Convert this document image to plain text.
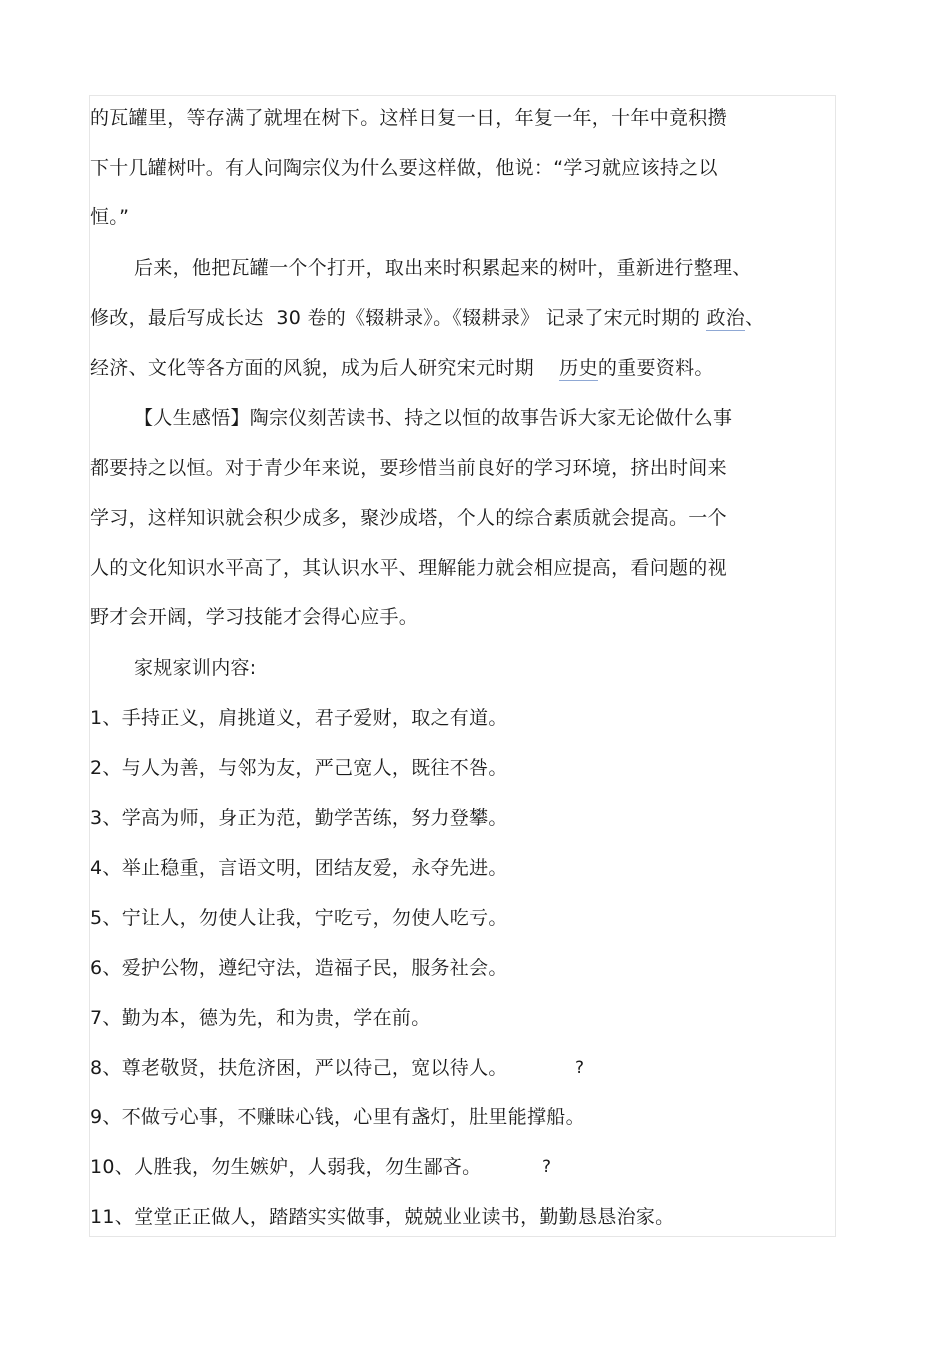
的瓦罐里，等存满了就埋在树下。这样日复一日，年复一年，十年中竟积攒
下十几罐树叶。有人问陶宗仪为什么要这样做，他说：“学习就应该持之以
恒。”
后来，他把瓦罐一个个打开，取出来时积累起来的树叶，重新进行整理、
修改，最后写成长达  30 卷的《辍耕录》。《辍耕录》 记录了宋元时期的 政治、
经济、文化等各方面的风貌，成为后人研究宋元时期    历史的重要资料。
【人生感悟】陶宗仪刻苦读书、持之以恒的故事告诉大家无论做什么事
都要持之以恒。对于青少年来说，要珍惜当前良好的学习环境，挤出时间来
学习，这样知识就会积少成多，聚沙成塔，个人的综合素质就会提高。一个
人的文化知识水平高了，其认识水平、理解能力就会相应提高，看问题的视
野才会开阔，学习技能才会得心应手。
家规家训内容:
1、手持正义，肩挑道义，君子爱财，取之有道。
2、与人为善，与邻为友，严己宽人，既往不咎。
3、学高为师，身正为范，勤学苦练，努力登攀。
4、举止稳重，言语文明，团结友爱，永夺先进。
5、宁让人，勿使人让我，宁吃亏，勿使人吃亏。
6、爱护公物，遵纪守法，造福子民，服务社会。
7、勤为本，德为先，和为贵，学在前。
8、尊老敬贤，扶危济困，严以待己，宽以待人。	?
9、不做亏心事，不赚昧心钱，心里有盏灯，肚里能撑船。
10、人胜我，勿生嫉妒，人弱我，勿生鄙吝。	?
11、堂堂正正做人，踏踏实实做事，兢兢业业读书，勤勤恳恳治家。
